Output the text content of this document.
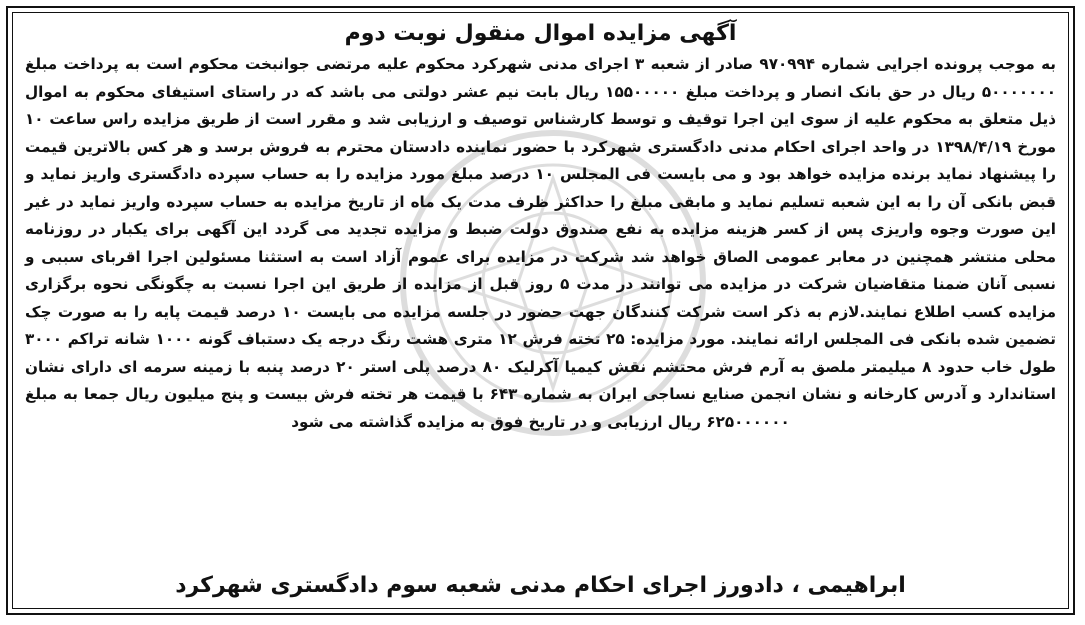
آگهی مزایده اموال منقول نوبت دوم

به موجب پرونده اجرایی شماره ۹۷۰۹۹۴ صادر از شعبه ۳ اجرای مدنی شهرکرد محکوم علیه مرتضی جوانبخت محکوم است به پرداخت مبلغ ۵۰۰۰۰۰۰۰ ریال در حق بانک انصار و پرداخت مبلغ ۱۵۵۰۰۰۰۰ ریال بابت نیم عشر دولتی می باشد که در راستای استیفای محکوم به اموال ذیل متعلق به محکوم علیه از سوی این اجرا توقیف و توسط کارشناس توصیف و ارزیابی شد و مقرر است از طریق مزایده راس ساعت ۱۰ مورخ ۱۳۹۸/۴/۱۹ در واحد اجرای احکام مدنی دادگستری شهرکرد با حضور نماینده دادستان محترم به فروش برسد و هر کس بالاترین قیمت را پیشنهاد نماید برنده مزایده خواهد بود و می بایست فی المجلس ۱۰ درصد مبلغ مورد مزایده را به حساب سپرده دادگستری واریز نماید و قبض بانکی آن را به این شعبه تسلیم نماید و مابقی مبلغ را حداکثر ظرف مدت یک ماه از تاریخ مزایده به حساب سپرده واریز نماید در غیر این صورت وجوه واریزی پس از کسر هزینه مزایده به نفع صندوق دولت ضبط و مزایده تجدید می گردد این آگهی برای یکبار در روزنامه محلی منتشر همچنین در معابر عمومی الصاق خواهد شد شرکت در مزایده برای عموم آزاد است به استثنا مسئولین اجرا اقربای سببی و نسبی آنان ضمنا متقاضیان شرکت در مزایده می توانند در مدت ۵ روز قبل از مزایده از طریق این اجرا نسبت به چگونگی نحوه برگزاری مزایده کسب اطلاع نمایند.لازم به ذکر است شرکت کنندگان جهت حضور در جلسه مزایده می بایست ۱۰ درصد قیمت پایه را به صورت چک تضمین شده بانکی فی المجلس ارائه نمایند. مورد مزایده: ۲۵ تخته فرش ۱۲ متری هشت رنگ درجه یک دستباف گونه ۱۰۰۰ شانه تراکم ۳۰۰۰ طول خاب حدود ۸ میلیمتر ملصق به آرم فرش محتشم نقش کیمیا آکرلیک ۸۰ درصد پلی استر ۲۰ درصد پنبه با زمینه سرمه ای دارای نشان استاندارد و آدرس کارخانه و نشان انجمن صنایع نساجی ایران به شماره ۶۴۳ با قیمت هر تخته فرش بیست و پنج میلیون ریال جمعا به مبلغ ۶۲۵۰۰۰۰۰۰ ریال ارزیابی و در تاریخ فوق به مزایده گذاشته می شود

ابراهیمی ، دادورز اجرای احکام مدنی شعبه سوم دادگستری شهرکرد
